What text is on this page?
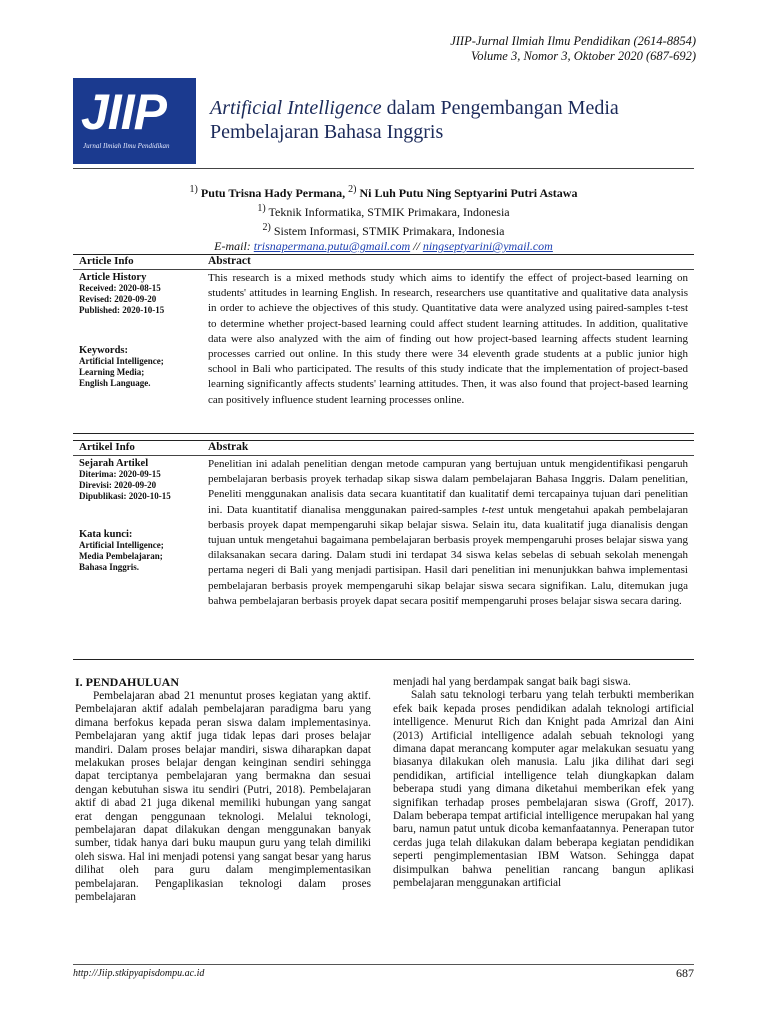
JIIP-Jurnal Ilmiah Ilmu Pendidikan (2614-8854)
Volume 3, Nomor 3, Oktober 2020 (687-692)
JIIP
Jurnal Ilmiah Ilmu Pendidikan
Artificial Intelligence dalam Pengembangan Media
Pembelajaran Bahasa Inggris
$^{1)}$ Putu Trisna Hady Permana, $^{2)}$ Ni Luh Putu Ning Septyarini Putri Astawa
$^{1)}$ Teknik Informatika, STMIK Primakara, Indonesia
$^{2)}$ Sistem Informasi, STMIK Primakara, Indonesia
E-mail: trisnapermana.putu@gmail.com // ningseptyarini@ymail.com
Article Info	Abstract
Article History
Received: 2020-08-15
Revised: 2020-09-20
Published: 2020-10-15
Keywords:
Artificial Intelligence;
Learning Media;
English Language.
This research is a mixed methods study which aims to identify the effect of project-based learning on students' attitudes in learning English. In research, researchers use quantitative and qualitative data analysis in order to achieve the objectives of this study. Quantitative data were analyzed using paired-samples t-test to determine whether project-based learning could affect student learning attitudes. In addition, qualitative data were also analyzed with the aim of finding out how project-based learning affects student learning processes carried out online. In this study there were 34 eleventh grade students at a public junior high school in Bali who participated. The results of this study indicate that the implementation of project-based learning significantly affects students' learning attitudes. Then, it was also found that project-based learning can positively influence student learning processes online.
Artikel Info	Abstrak
Sejarah Artikel
Diterima: 2020-09-15
Direvisi: 2020-09-20
Dipublikasi: 2020-10-15
Kata kunci:
Artificial Intelligence;
Media Pembelajaran;
Bahasa Inggris.
Penelitian ini adalah penelitian dengan metode campuran yang bertujuan untuk mengidentifikasi pengaruh pembelajaran berbasis proyek terhadap sikap siswa dalam pembelajaran Bahasa Inggris. Dalam penelitian, Peneliti menggunakan analisis data secara kuantitatif dan kualitatif demi tercapainya tujuan dari penelitian ini. Data kuantitatif dianalisa menggunakan paired-samples t-test untuk mengetahui apakah pembelajaran berbasis proyek dapat mempengaruhi sikap belajar siswa. Selain itu, data kualitatif juga dianalisis dengan tujuan untuk mengetahui bagaimana pembelajaran berbasis proyek mempengaruhi proses belajar siswa yang dilaksanakan secara daring. Dalam studi ini terdapat 34 siswa kelas sebelas di sebuah sekolah menengah pertama negeri di Bali yang menjadi partisipan. Hasil dari penelitian ini menunjukkan bahwa implementasi pembelajaran berbasis proyek mempengaruhi sikap belajar siswa secara signifikan. Lalu, ditemukan juga bahwa pembelajaran berbasis proyek dapat secara positif mempengaruhi proses belajar siswa secara daring.
I. PENDAHULUAN

Pembelajaran abad 21 menuntut proses kegiatan yang aktif. Pembelajaran aktif adalah pembelajaran paradigma baru yang dimana berfokus kepada peran siswa dalam implementasinya. Pembelajaran yang aktif juga tidak lepas dari proses belajar mandiri. Dalam proses belajar mandiri, siswa diharapkan dapat melakukan proses belajar dengan keinginan sendiri sehingga dapat terciptanya pembelajaran yang bermakna dan sesuai dengan kebutuhan siswa itu sendiri (Putri, 2018). Pembelajaran aktif di abad 21 juga dikenal memiliki hubungan yang sangat erat dengan penggunaan teknologi. Melalui teknologi, pembelajaran dapat dilakukan dengan menggunakan banyak sumber, tidak hanya dari buku maupun guru yang telah dimiliki oleh siswa. Hal ini menjadi potensi yang sangat besar yang harus dilihat oleh para guru dalam mengimplementasikan pembelajaran. Pengaplikasian teknologi dalam proses pembelajaran

menjadi hal yang berdampak sangat baik bagi siswa.

Salah satu teknologi terbaru yang telah terbukti memberikan efek baik kepada proses pendidikan adalah teknologi artificial intelligence. Menurut Rich dan Knight pada Amrizal dan Aini (2013) Artificial intelligence adalah sebuah teknologi yang dimana dapat merancang komputer agar melakukan sesuatu yang biasanya dilakukan oleh manusia. Lalu jika dilihat dari segi pendidikan, artificial intelligence telah diungkapkan dalam beberapa studi yang dimana diketahui memberikan efek yang signifikan terhadap proses pembelajaran siswa (Groff, 2017). Dalam beberapa tempat artificial intelligence merupakan hal yang baru, namun patut untuk dicoba kemanfaatannya. Penerapan tutor cerdas juga telah dilakukan dalam beberapa kegiatan pendidikan seperti pengimplementasian IBM Watson. Sehingga dapat disimpulkan bahwa penelitian rancang bangun aplikasi pembelajaran menggunakan artificial

http://Jiip.stkipyapisdompu.ac.id	687
